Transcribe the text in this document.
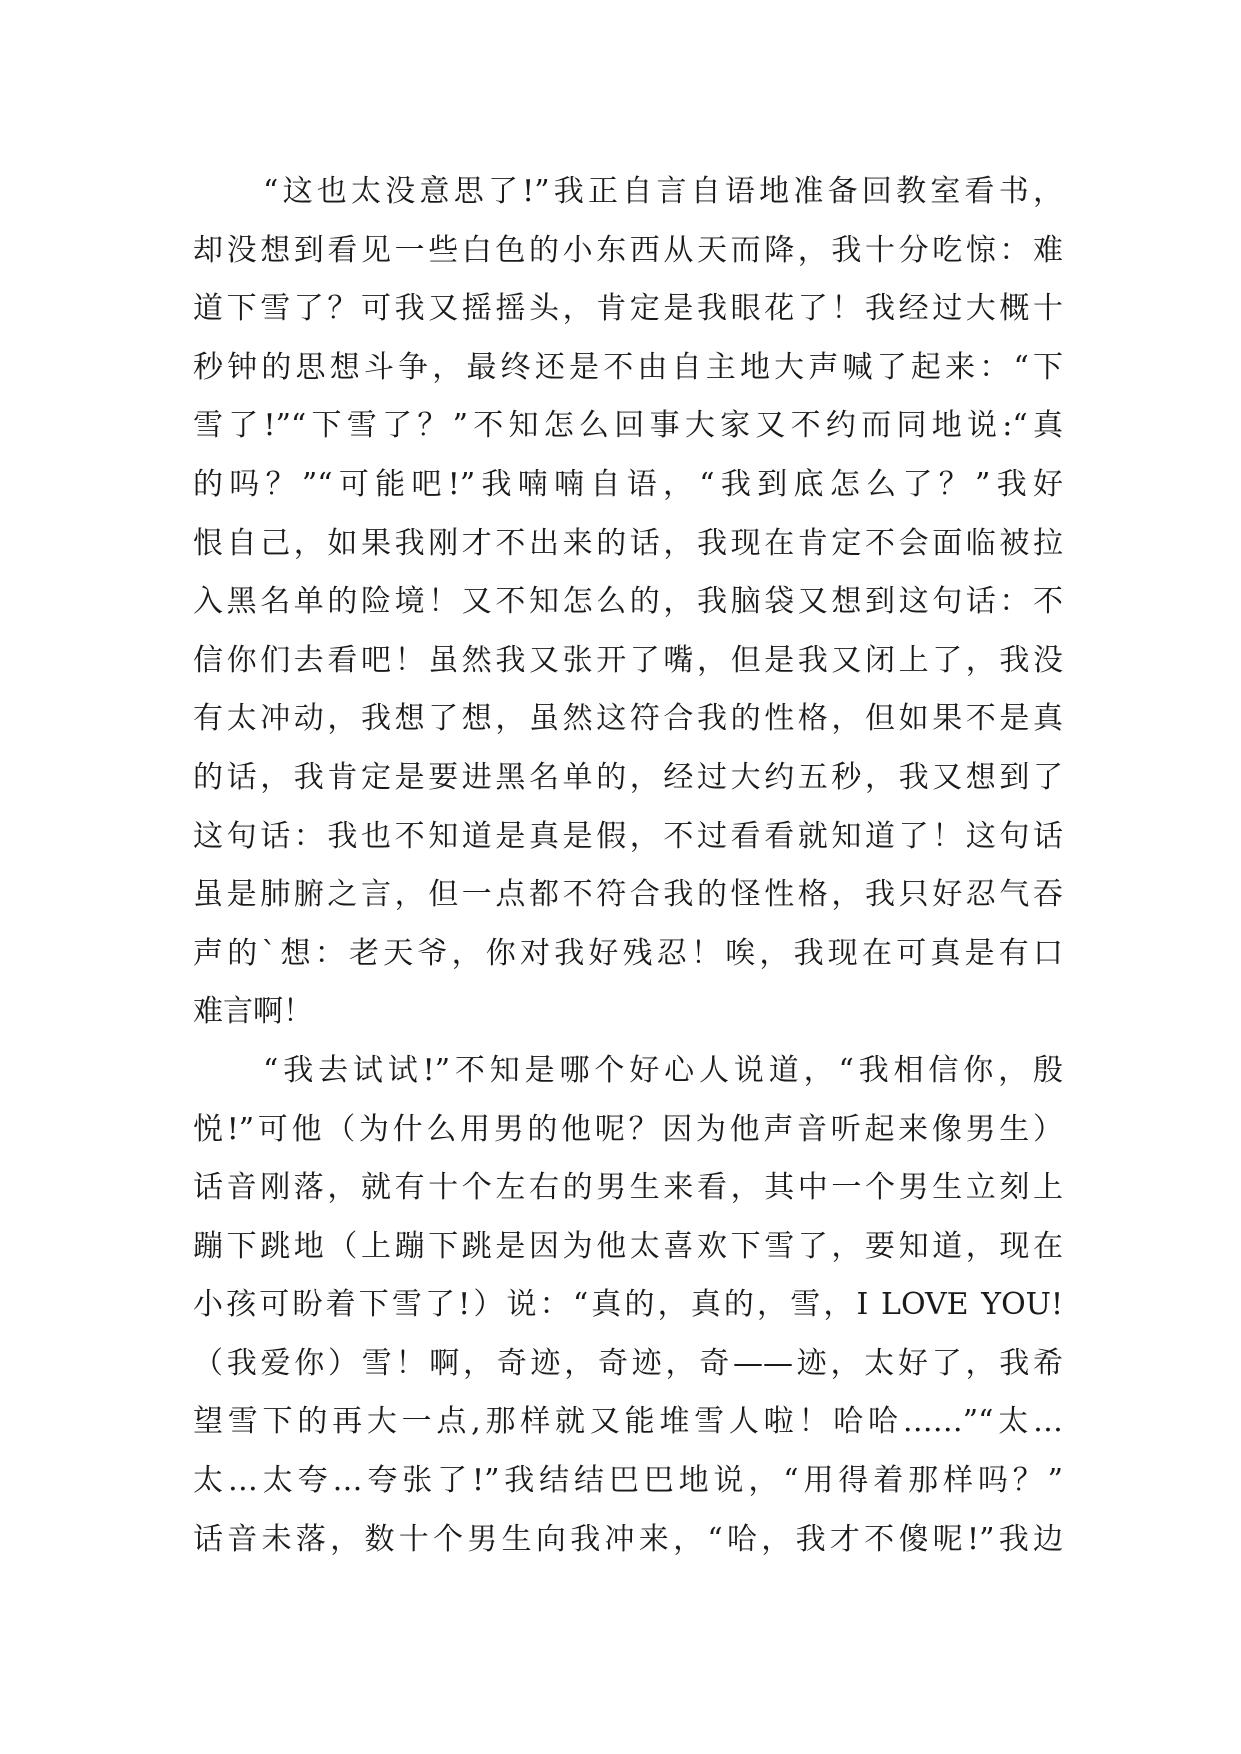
“这也太没意思了!”我正自言自语地准备回教室看书，
却没想到看见一些白色的小东西从天而降，我十分吃惊：难
道下雪了？可我又摇摇头，肯定是我眼花了！我经过大概十
秒钟的思想斗争，最终还是不由自主地大声喊了起来：“下
雪了!”“下雪了？”不知怎么回事大家又不约而同地说:“真
的吗？”“可能吧!”我喃喃自语，“我到底怎么了？”我好
恨自己，如果我刚才不出来的话，我现在肯定不会面临被拉
入黑名单的险境！又不知怎么的，我脑袋又想到这句话：不
信你们去看吧！虽然我又张开了嘴，但是我又闭上了，我没
有太冲动，我想了想，虽然这符合我的性格，但如果不是真
的话，我肯定是要进黑名单的，经过大约五秒，我又想到了
这句话：我也不知道是真是假，不过看看就知道了！这句话
虽是肺腑之言，但一点都不符合我的怪性格，我只好忍气吞
声的`想：老天爷，你对我好残忍！唉，我现在可真是有口
难言啊！
“我去试试!”不知是哪个好心人说道，“我相信你，殷
悦!”可他（为什么用男的他呢？因为他声音听起来像男生）
话音刚落，就有十个左右的男生来看，其中一个男生立刻上
蹦下跳地（上蹦下跳是因为他太喜欢下雪了，要知道，现在
小孩可盼着下雪了!）说：“真的，真的，雪，I LOVE YOU!
（我爱你）雪！啊，奇迹，奇迹，奇——迹，太好了，我希
望雪下的再大一点,那样就又能堆雪人啦！哈哈……”“太…
太…太夸…夸张了!”我结结巴巴地说，“用得着那样吗？”
话音未落，数十个男生向我冲来，“哈，我才不傻呢!”我边
